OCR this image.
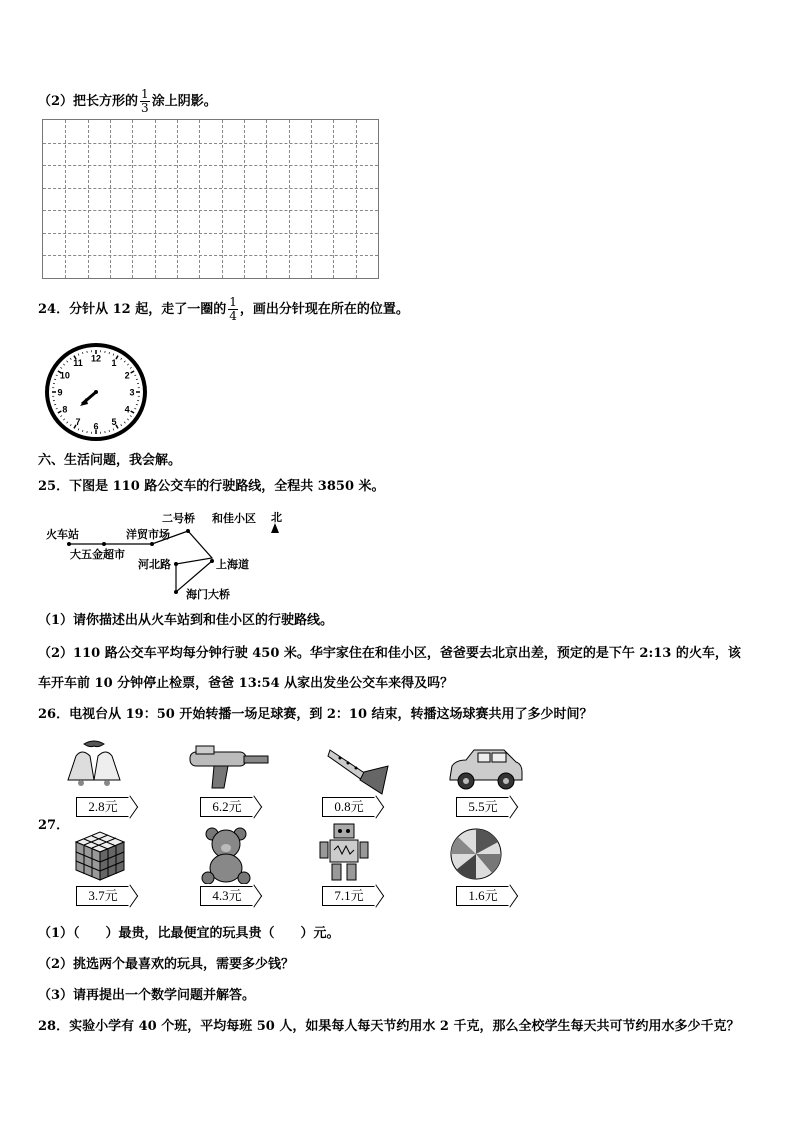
（2）把长方形的 $\frac{1}{3}$ 涂上阴影。
24．分针从 12 起，走了一圈的 $\frac{1}{4}$ ，画出分针现在所在的位置。
12 1
2
3
4
5
6
7
8
9
10
11
六、生活问题，我会解。
25．下图是 110 路公交车的行驶路线，全程共 3850 米。
火车站
大五金超市
洋贸市场
二号桥 和佳小区
河北路	上海道
海门大桥
北
（1）请你描述出从火车站到和佳小区的行驶路线。
（2）110 路公交车平均每分钟行驶 450 米。华宇家住在和佳小区，爸爸要去北京出差，预定的是下午 2:13 的火车，该
车开车前 10 分钟停止检票，爸爸 13:54 从家出发坐公交车来得及吗？
26．电视台从 19：50 开始转播一场足球赛，到 2：10 结束，转播这场球赛共用了多少时间？
27．
2.8元	6.2元	0.8元	5.5元
3.7元	4.3元	7.1元	1.6元
（1）（　　）最贵，比最便宜的玩具贵（　　）元。
（2）挑选两个最喜欢的玩具，需要多少钱？
（3）请再提出一个数学问题并解答。
28．实验小学有 40 个班，平均每班 50 人，如果每人每天节约用水 2 千克，那么全校学生每天共可节约用水多少千克？
